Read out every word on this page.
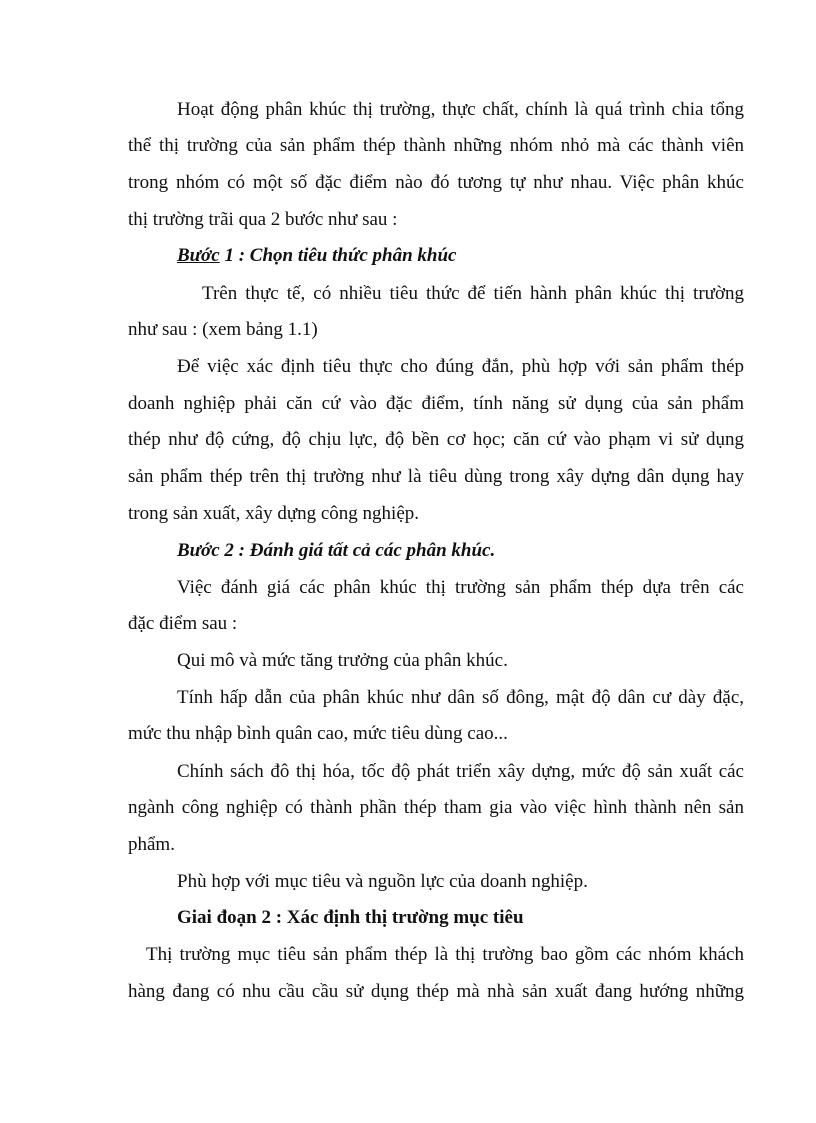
Hoạt động phân khúc thị trường, thực chất, chính là quá trình chia tổng
thể thị trường của sản phẩm thép thành những nhóm nhỏ mà các thành viên
trong nhóm có một số đặc điểm nào đó tương tự như nhau. Việc phân khúc
thị trường trãi qua 2 bước như sau :
Bước 1 : Chọn tiêu thức phân khúc
Trên thực tế, có nhiều tiêu thức để tiến hành phân khúc thị trường
như sau : (xem bảng 1.1)
Để việc xác định tiêu thực cho đúng đắn, phù hợp với sản phẩm thép
doanh nghiệp phải căn cứ vào đặc điểm, tính năng sử dụng của sản phẩm
thép như độ cứng, độ chịu lực, độ bền cơ học; căn cứ vào phạm vi sử dụng
sản phẩm thép trên thị trường như là tiêu dùng trong xây dựng dân dụng hay
trong sản xuất, xây dựng công nghiệp.
Bước 2 : Đánh giá tất cả các phân khúc.
Việc đánh giá các phân khúc thị trường sản phẩm thép dựa trên các
đặc điểm sau :
Qui mô và mức tăng trưởng của phân khúc.
Tính hấp dẫn của phân khúc như dân số đông, mật độ dân cư dày đặc,
mức thu nhập bình quân cao, mức tiêu dùng cao...
Chính sách đô thị hóa, tốc độ phát triển xây dựng, mức độ sản xuất các
ngành công nghiệp có thành phần thép tham gia vào việc hình thành nên sản
phẩm.
Phù hợp với mục tiêu và nguồn lực của doanh nghiệp.
Giai đoạn 2 : Xác định thị trường mục tiêu
Thị trường mục tiêu sản phẩm thép là thị trường bao gồm các nhóm khách
hàng đang có nhu cầu cầu sử dụng thép mà nhà sản xuất đang hướng những
